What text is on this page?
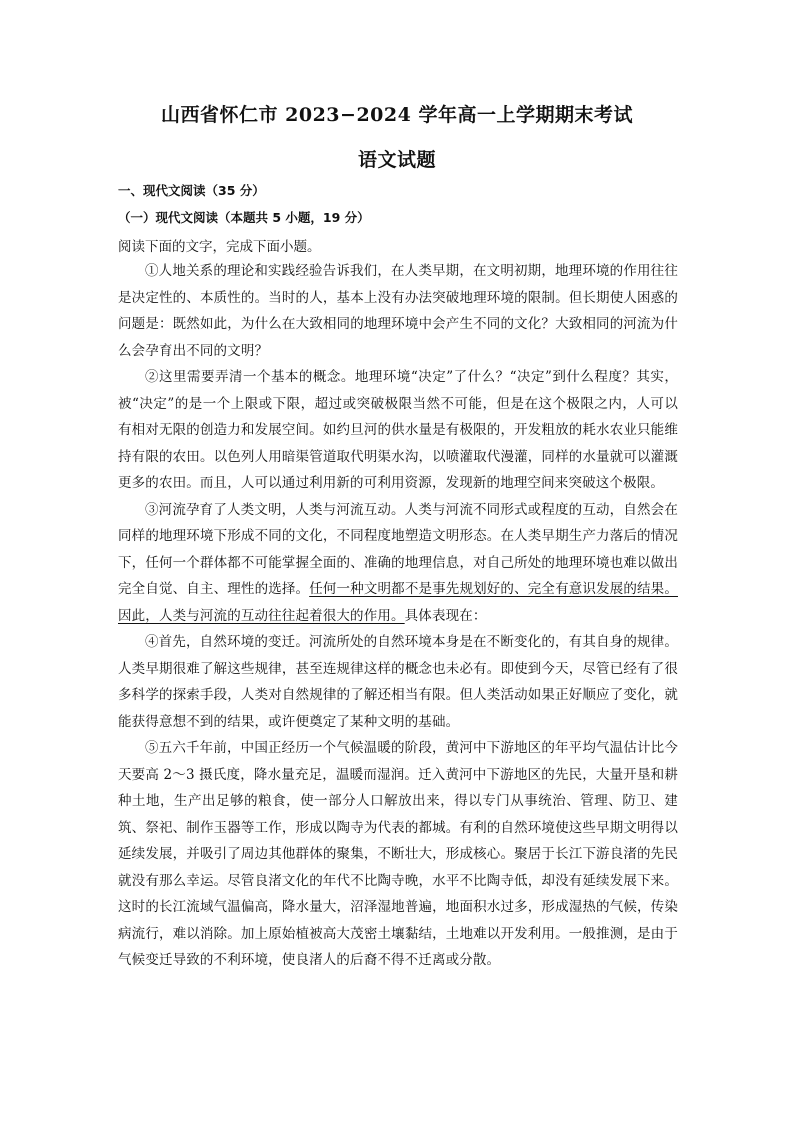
山西省怀仁市 2023−2024 学年高一上学期期末考试
语文试题
一、现代文阅读（35 分）
（一）现代文阅读（本题共 5 小题，19 分）
阅读下面的文字，完成下面小题。

①人地关系的理论和实践经验告诉我们，在人类早期，在文明初期，地理环境的作用往往是决定性的、本质性的。当时的人，基本上没有办法突破地理环境的限制。但长期使人困惑的问题是：既然如此，为什么在大致相同的地理环境中会产生不同的文化？大致相同的河流为什么会孕育出不同的文明？

②这里需要弄清一个基本的概念。地理环境“决定”了什么？“决定”到什么程度？其实，被“决定”的是一个上限或下限，超过或突破极限当然不可能，但是在这个极限之内，人可以有相对无限的创造力和发展空间。如约旦河的供水量是有极限的，开发粗放的耗水农业只能维持有限的农田。以色列人用暗渠管道取代明渠水沟，以喷灌取代漫灌，同样的水量就可以灌溉更多的农田。而且，人可以通过利用新的可利用资源，发现新的地理空间来突破这个极限。

③河流孕育了人类文明，人类与河流互动。人类与河流不同形式或程度的互动，自然会在同样的地理环境下形成不同的文化，不同程度地塑造文明形态。在人类早期生产力落后的情况下，任何一个群体都不可能掌握全面的、准确的地理信息，对自己所处的地理环境也难以做出完全自觉、自主、理性的选择。任何一种文明都不是事先规划好的、完全有意识发展的结果。因此，人类与河流的互动往往起着很大的作用。具体表现在：

④首先，自然环境的变迁。河流所处的自然环境本身是在不断变化的，有其自身的规律。人类早期很难了解这些规律，甚至连规律这样的概念也未必有。即使到今天，尽管已经有了很多科学的探索手段，人类对自然规律的了解还相当有限。但人类活动如果正好顺应了变化，就能获得意想不到的结果，或许便奠定了某种文明的基础。

⑤五六千年前，中国正经历一个气候温暖的阶段，黄河中下游地区的年平均气温估计比今天要高 2～3 摄氏度，降水量充足，温暖而湿润。迁入黄河中下游地区的先民，大量开垦和耕种土地，生产出足够的粮食，使一部分人口解放出来，得以专门从事统治、管理、防卫、建筑、祭祀、制作玉器等工作，形成以陶寺为代表的都城。有利的自然环境使这些早期文明得以延续发展，并吸引了周边其他群体的聚集，不断壮大，形成核心。聚居于长江下游良渚的先民就没有那么幸运。尽管良渚文化的年代不比陶寺晚，水平不比陶寺低，却没有延续发展下来。这时的长江流域气温偏高，降水量大，沼泽湿地普遍，地面积水过多，形成湿热的气候，传染病流行，难以消除。加上原始植被高大茂密土壤黏结，土地难以开发利用。一般推测，是由于气候变迁导致的不利环境，使良渚人的后裔不得不迁离或分散。
